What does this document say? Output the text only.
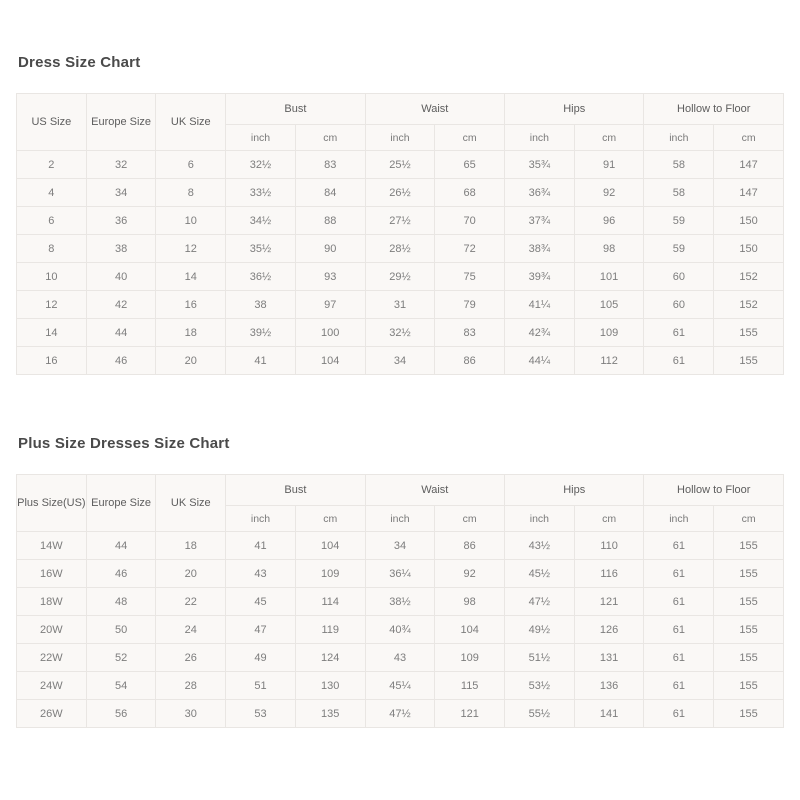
Dress Size Chart
US Size	Europe Size	UK Size	Bust		Waist		Hips		Hollow to Floor	
			inch	cm	inch	cm	inch	cm	inch	cm
2	32	6	32½	83	25½	65	35¾	91	58	147
4	34	8	33½	84	26½	68	36¾	92	58	147
6	36	10	34½	88	27½	70	37¾	96	59	150
8	38	12	35½	90	28½	72	38¾	98	59	150
10	40	14	36½	93	29½	75	39¾	101	60	152
12	42	16	38	97	31	79	41¼	105	60	152
14	44	18	39½	100	32½	83	42¾	109	61	155
16	46	20	41	104	34	86	44¼	112	61	155
Plus Size Dresses Size Chart
Plus Size(US)	Europe Size	UK Size	Bust		Waist		Hips		Hollow to Floor	
			inch	cm	inch	cm	inch	cm	inch	cm
14W	44	18	41	104	34	86	43½	110	61	155
16W	46	20	43	109	36¼	92	45½	116	61	155
18W	48	22	45	114	38½	98	47½	121	61	155
20W	50	24	47	119	40¾	104	49½	126	61	155
22W	52	26	49	124	43	109	51½	131	61	155
24W	54	28	51	130	45¼	115	53½	136	61	155
26W	56	30	53	135	47½	121	55½	141	61	155
